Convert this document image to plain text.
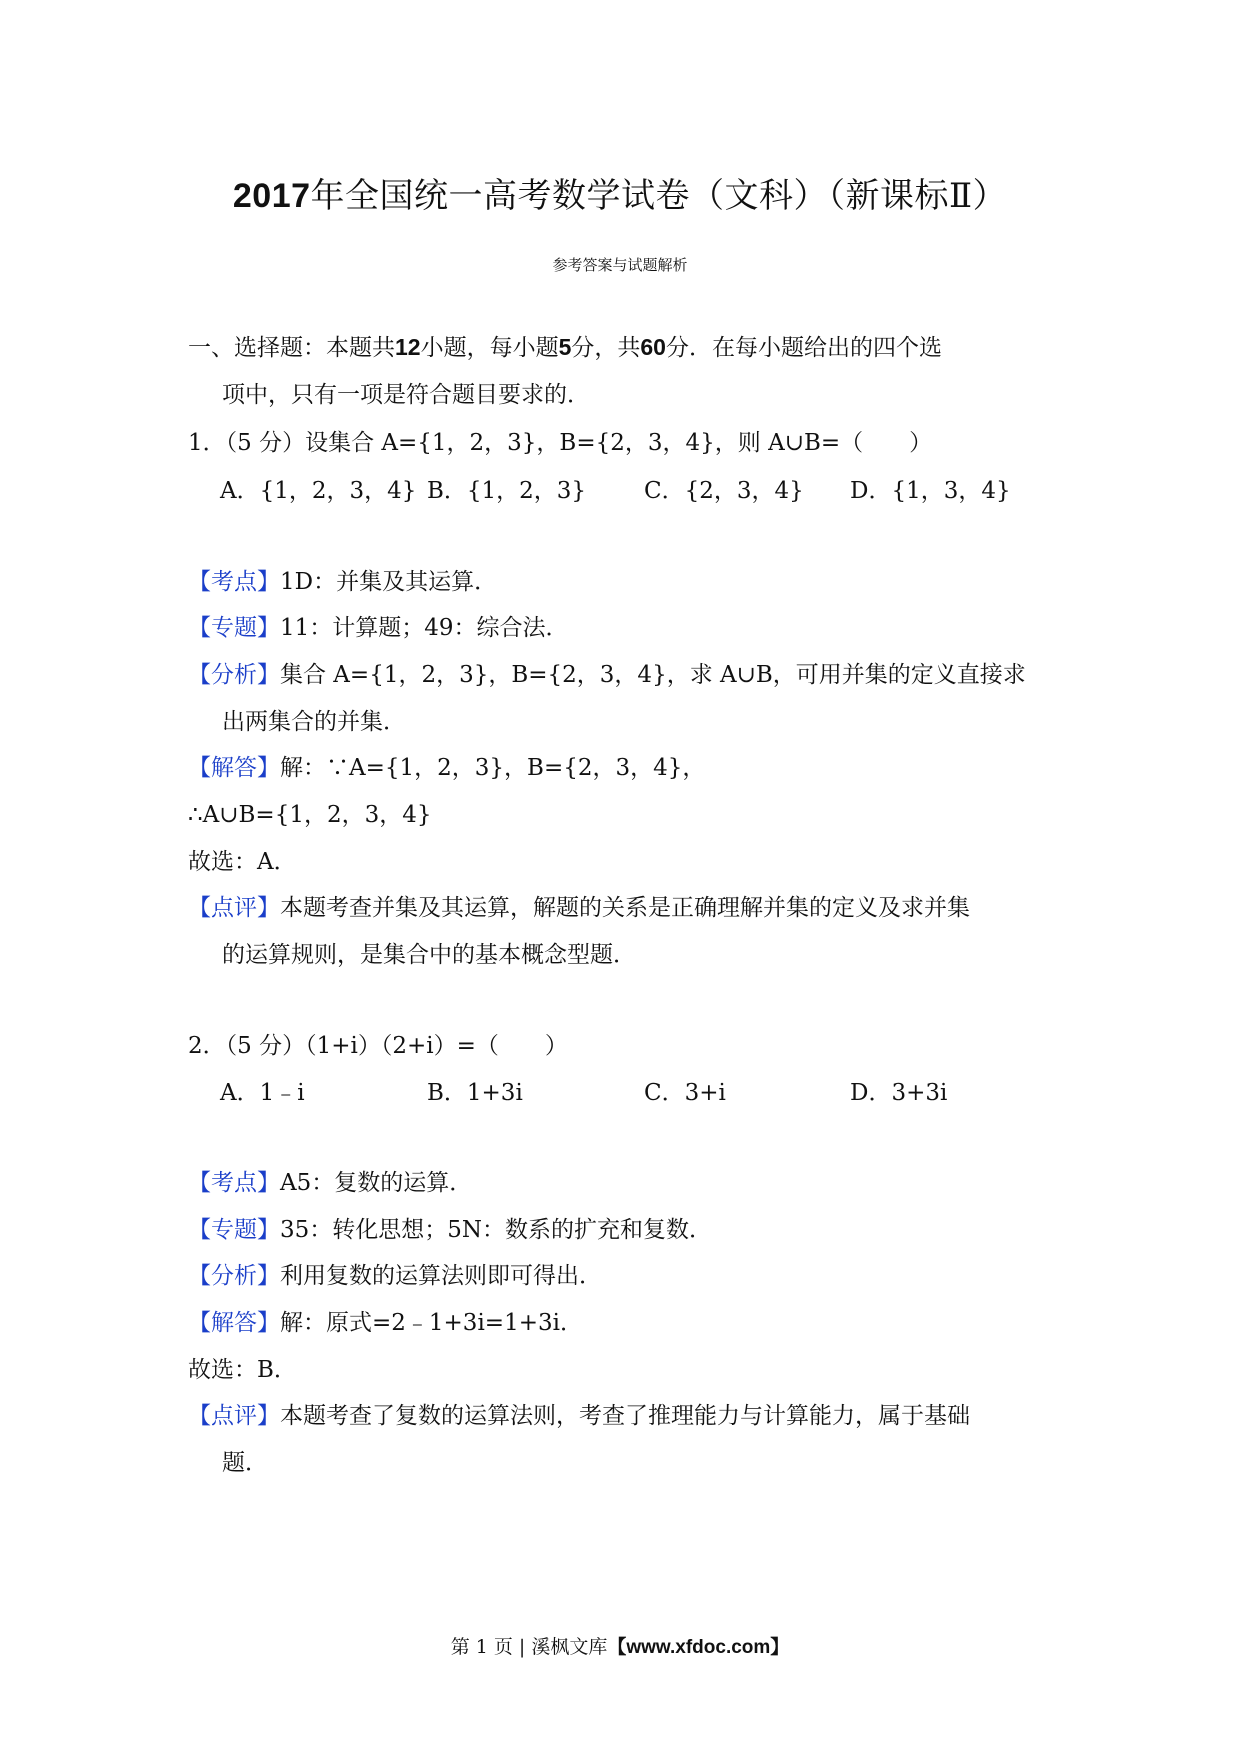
2017年全国统一高考数学试卷（文科）（新课标Ⅱ）
参考答案与试题解析
一、选择题：本题共12小题，每小题5分，共60分．在每小题给出的四个选
项中，只有一项是符合题目要求的．
1．（5 分）设集合 A={1，2，3}，B={2，3，4}，则 A∪B=（　　）
A．{1，2，3，4} B．{1，2，3}	C．{2，3，4} D．{1，3，4}
【考点】1D：并集及其运算．
【专题】11：计算题；49：综合法．
【分析】集合 A={1，2，3}，B={2，3，4}，求 A∪B，可用并集的定义直接求
出两集合的并集．
【解答】解：∵A={1，2，3}，B={2，3，4}，
∴A∪B={1，2，3，4}
故选：A．
【点评】本题考查并集及其运算，解题的关系是正确理解并集的定义及求并集
的运算规则，是集合中的基本概念型题．
2．（5 分）（1+i）（2+i）=（　　）
A．1﹣i	B．1+3i	C．3+i	D．3+3i
【考点】A5：复数的运算．
【专题】35：转化思想；5N：数系的扩充和复数．
【分析】利用复数的运算法则即可得出．
【解答】解：原式=2﹣1+3i=1+3i．
故选：B．
【点评】本题考查了复数的运算法则，考查了推理能力与计算能力，属于基础
题．
第 1 页 | 溪枫文库【www.xfdoc.com】
